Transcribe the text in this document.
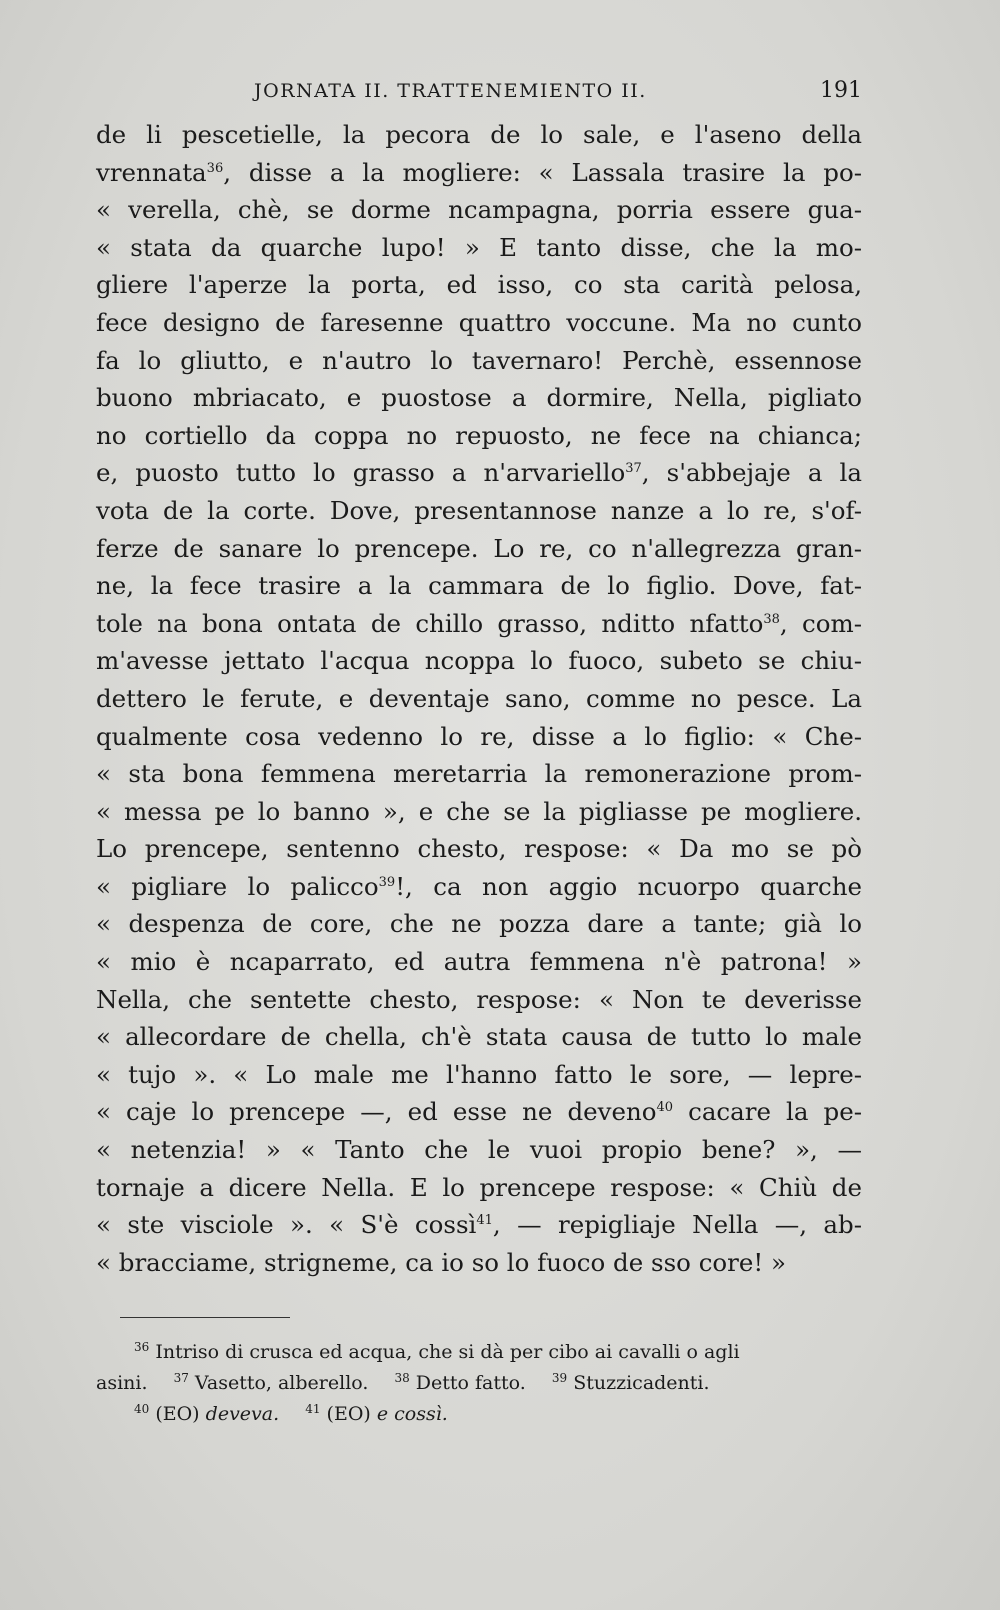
JORNATA II. TRATTENEMIENTO II.	191
de li pescetielle, la pecora de lo sale, e l'aseno della
vrennata$^{36}$, disse a la mogliere: « Lassala trasire la po-
« verella, chè, se dorme ncampagna, porria essere gua-
« stata da quarche lupo! » E tanto disse, che la mo-
gliere l'aperze la porta, ed isso, co sta carità pelosa,
fece designo de faresenne quattro voccune. Ma no cunto
fa lo gliutto, e n'autro lo tavernaro! Perchè, essennose
buono mbriacato, e puostose a dormire, Nella, pigliato
no cortiello da coppa no repuosto, ne fece na chianca;
e, puosto tutto lo grasso a n'arvariello$^{37}$, s'abbejaje a la
vota de la corte. Dove, presentannose nanze a lo re, s'of-
ferze de sanare lo prencepe. Lo re, co n'allegrezza gran-
ne, la fece trasire a la cammara de lo figlio. Dove, fat-
tole na bona ontata de chillo grasso, nditto nfatto$^{38}$, com-
m'avesse jettato l'acqua ncoppa lo fuoco, subeto se chiu-
dettero le ferute, e deventaje sano, comme no pesce. La
qualmente cosa vedenno lo re, disse a lo figlio: « Che-
« sta bona femmena meretarria la remonerazione prom-
« messa pe lo banno », e che se la pigliasse pe mogliere.
Lo prencepe, sentenno chesto, respose: « Da mo se pò
« pigliare lo palicco$^{39}$!, ca non aggio ncuorpo quarche
« despenza de core, che ne pozza dare a tante; già lo
« mio è ncaparrato, ed autra femmena n'è patrona! »
Nella, che sentette chesto, respose: « Non te deverisse
« allecordare de chella, ch'è stata causa de tutto lo male
« tujo ». « Lo male me l'hanno fatto le sore, — lepre-
« caje lo prencepe —, ed esse ne deveno$^{40}$ cacare la pe-
« netenzia! » « Tanto che le vuoi propio bene? », —
tornaje a dicere Nella. E lo prencepe respose: « Chiù de
« ste visciole ». « S'è cossì$^{41}$, — repigliaje Nella —, ab-
« bracciame, strigneme, ca io so lo fuoco de sso core! »
$^{36}$ Intriso di crusca ed acqua, che si dà per cibo ai cavalli o agli
asini. $^{37}$ Vasetto, alberello. $^{38}$ Detto fatto. $^{39}$ Stuzzicadenti.
$^{40}$ (EO) deveva. $^{41}$ (EO) e cossì.
